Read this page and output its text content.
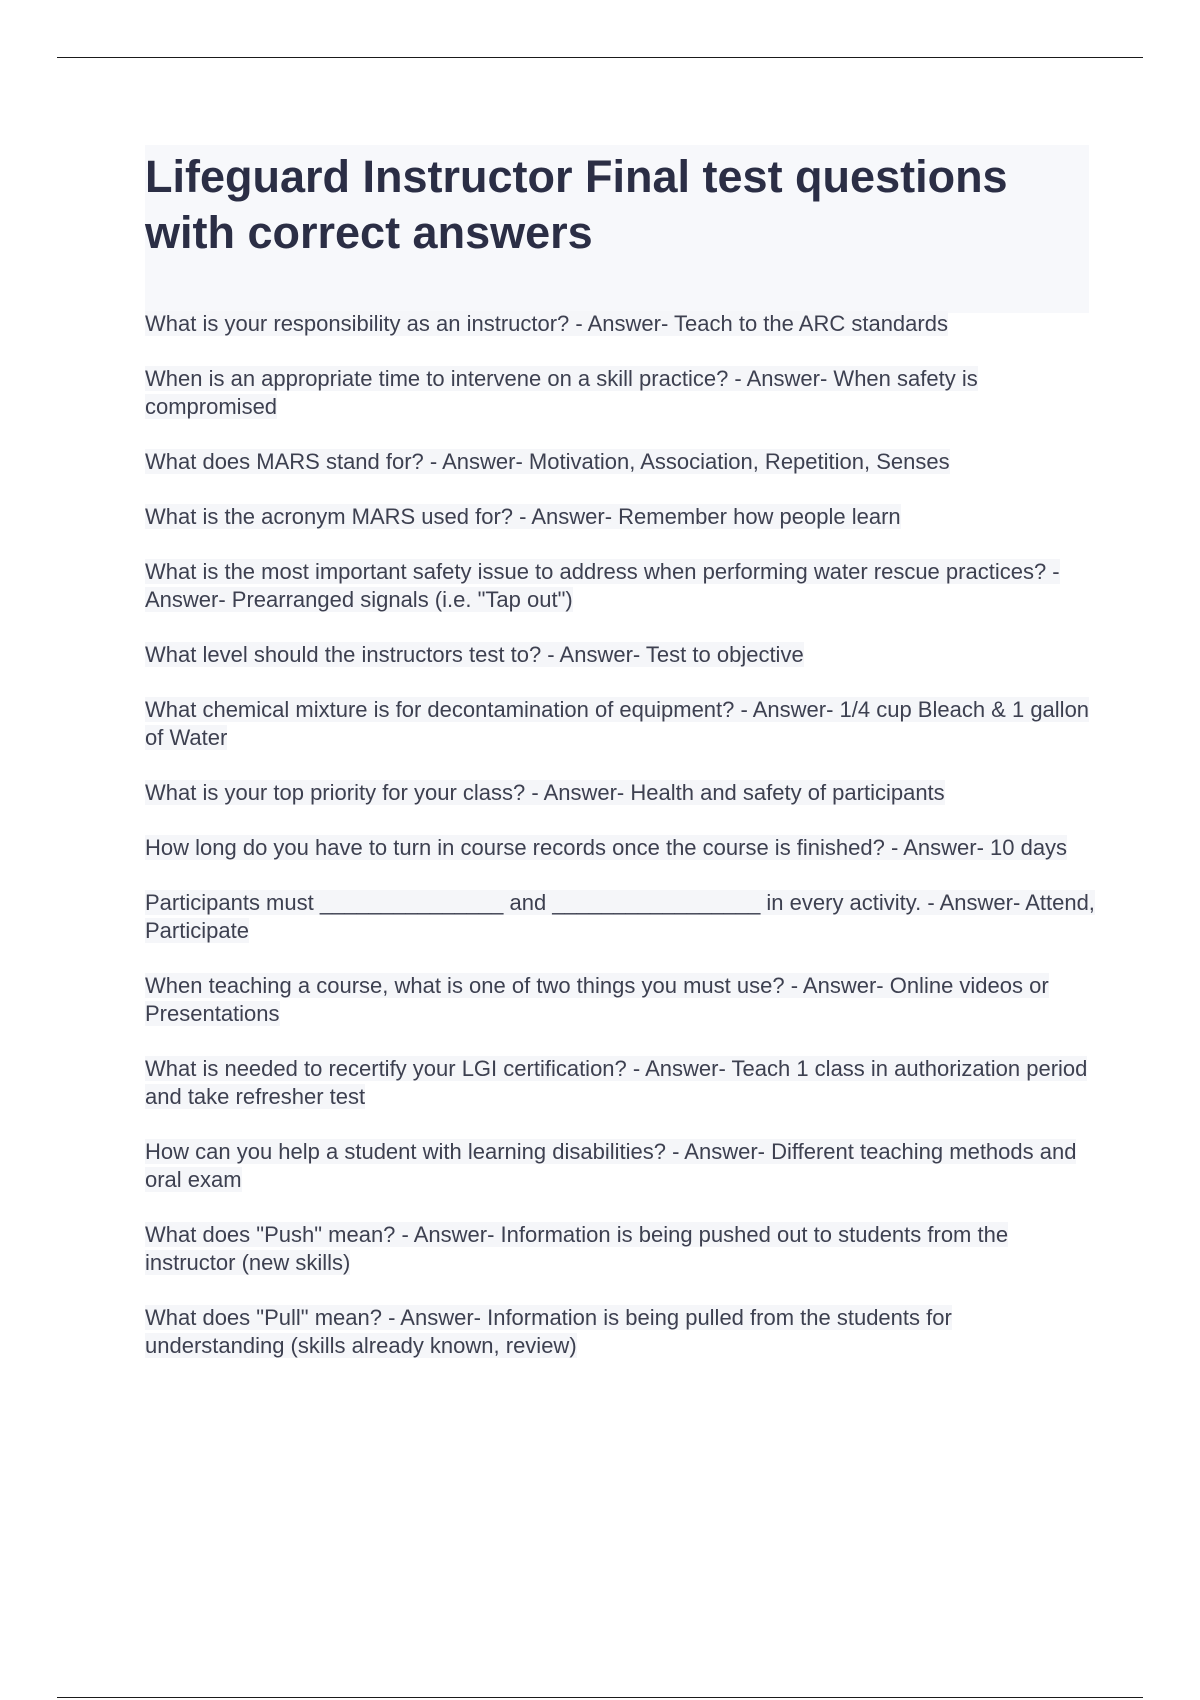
Lifeguard Instructor Final test questions with correct answers
What is your responsibility as an instructor? - Answer- Teach to the ARC standards
When is an appropriate time to intervene on a skill practice? - Answer- When safety is compromised
What does MARS stand for? - Answer- Motivation, Association, Repetition, Senses
What is the acronym MARS used for? - Answer- Remember how people learn
What is the most important safety issue to address when performing water rescue practices? - Answer- Prearranged signals (i.e. "Tap out")
What level should the instructors test to? - Answer- Test to objective
What chemical mixture is for decontamination of equipment? - Answer- 1/4 cup Bleach & 1 gallon of Water
What is your top priority for your class? - Answer- Health and safety of participants
How long do you have to turn in course records once the course is finished? - Answer- 10 days
Participants must _______________ and _________________ in every activity. - Answer- Attend, Participate
When teaching a course, what is one of two things you must use? - Answer- Online videos or Presentations
What is needed to recertify your LGI certification? - Answer- Teach 1 class in authorization period and take refresher test
How can you help a student with learning disabilities? - Answer- Different teaching methods and oral exam
What does "Push" mean? - Answer- Information is being pushed out to students from the instructor (new skills)
What does "Pull" mean? - Answer- Information is being pulled from the students for understanding (skills already known, review)
